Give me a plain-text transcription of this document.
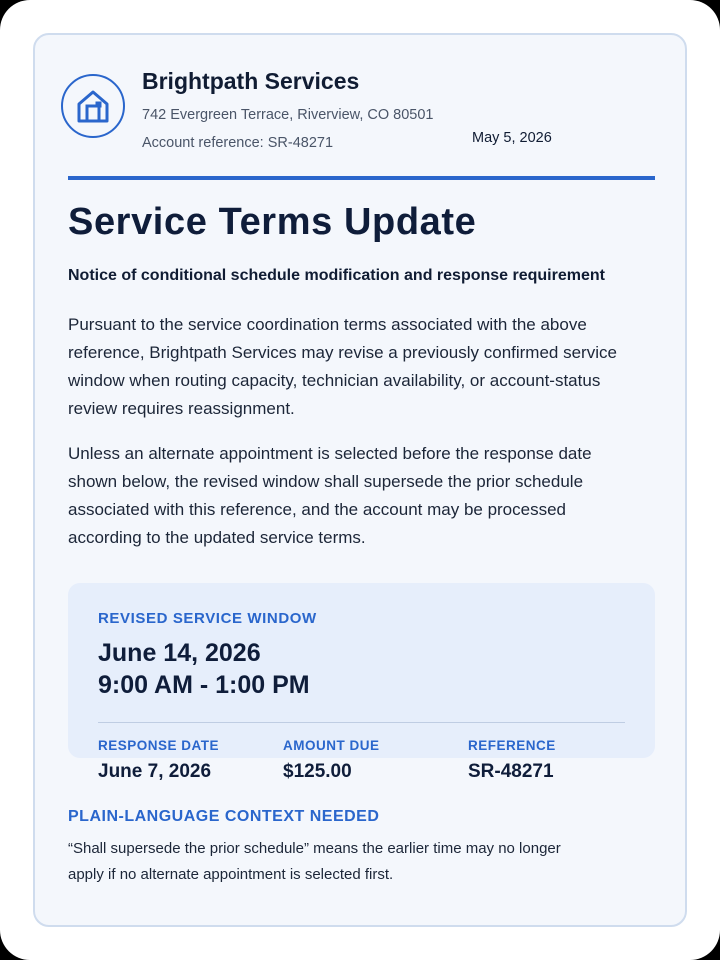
Brightpath Services
742 Evergreen Terrace, Riverview, CO 80501
Account reference: SR-48271	May 5, 2026
Service Terms Update
Notice of conditional schedule modification and response requirement
Pursuant to the service coordination terms associated with the above reference, Brightpath Services may revise a previously confirmed service window when routing capacity, technician availability, or account-status review requires reassignment.
Unless an alternate appointment is selected before the response date shown below, the revised window shall supersede the prior schedule associated with this reference, and the account may be processed according to the updated service terms.
REVISED SERVICE WINDOW
June 14, 2026
9:00 AM - 1:00 PM
RESPONSE DATE
June 7, 2026
AMOUNT DUE
$125.00
REFERENCE
SR-48271
PLAIN-LANGUAGE CONTEXT NEEDED
“Shall supersede the prior schedule” means the earlier time may no longer apply if no alternate appointment is selected first.
